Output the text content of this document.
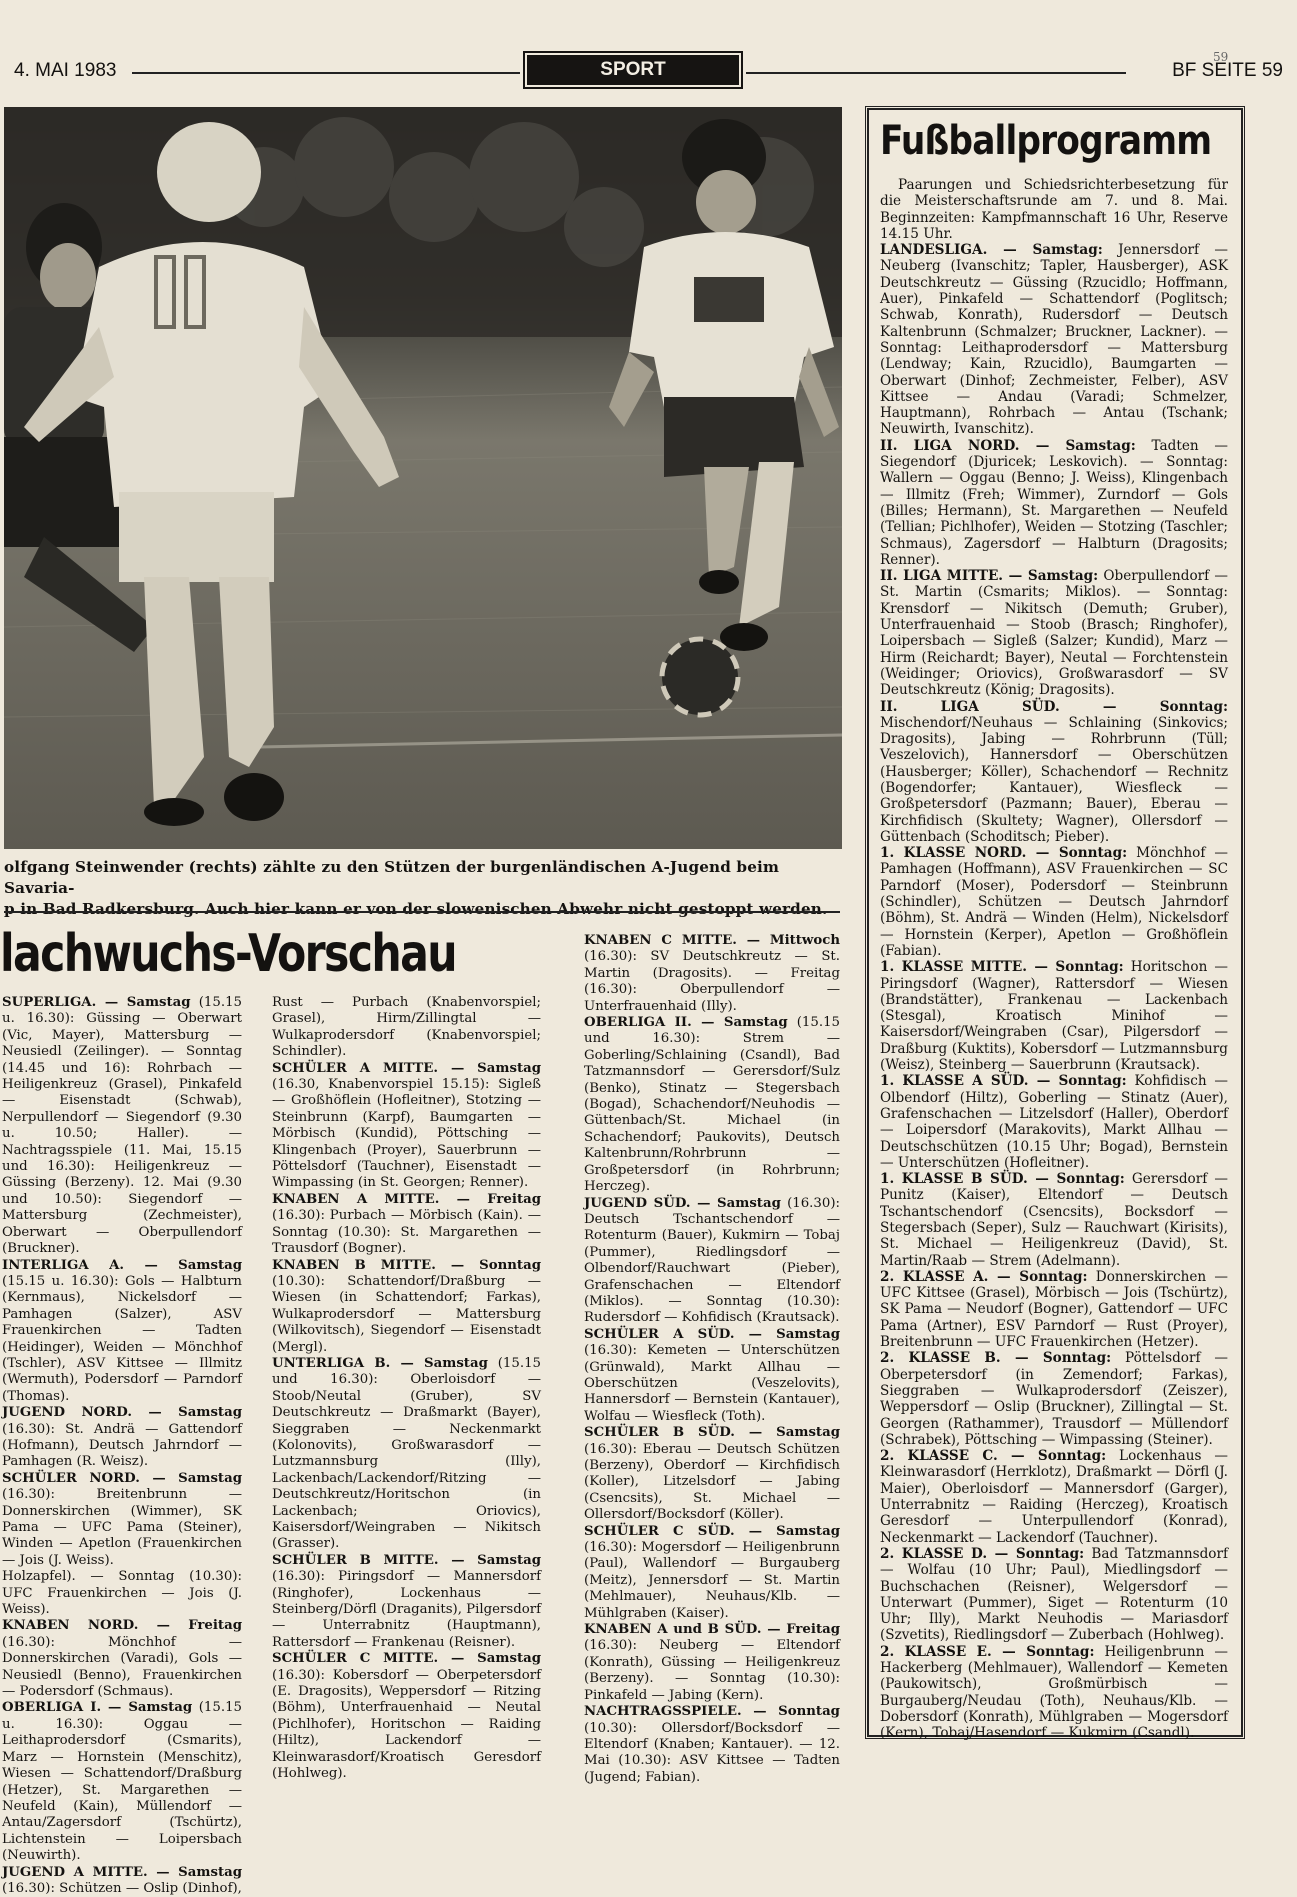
59
4. MAI 1983	SPORT	BF SEITE 59
olfgang Steinwender (rechts) zählte zu den Stützen der burgenländischen A-Jugend beim Savaria-
p in Bad Radkersburg. Auch hier kann er von der slowenischen Abwehr nicht gestoppt werden.
lachwuchs-Vorschau

SUPERLIGA. — Samstag (15.15 u. 16.30): Güssing — Oberwart (Vic, Mayer), Mattersburg — Neusiedl (Zeilinger). — Sonntag (14.45 und 16): Rohrbach — Heiligenkreuz (Grasel), Pinkafeld — Eisenstadt (Schwab), Nerpullendorf — Siegendorf (9.30 u. 10.50; Haller). — Nachtragsspiele (11. Mai, 15.15 und 16.30): Heiligenkreuz — Güssing (Berzeny). 12. Mai (9.30 und 10.50): Siegendorf — Mattersburg (Zechmeister), Oberwart — Oberpullendorf (Bruckner).

INTERLIGA A. — Samstag (15.15 u. 16.30): Gols — Halbturn (Kernmaus), Nickelsdorf — Pamhagen (Salzer), ASV Frauenkirchen — Tadten (Heidinger), Weiden — Mönchhof (Tschler), ASV Kittsee — Illmitz (Wermuth), Podersdorf — Parndorf (Thomas).

JUGEND NORD. — Samstag (16.30): St. Andrä — Gattendorf (Hofmann), Deutsch Jahrndorf — Pamhagen (R. Weisz).

SCHÜLER NORD. — Samstag (16.30): Breitenbrunn — Donnerskirchen (Wimmer), SK Pama — UFC Pama (Steiner), Winden — Apetlon (Frauenkirchen — Jois (J. Weiss).

Holzapfel). — Sonntag (10.30): UFC Frauenkirchen — Jois (J. Weiss).

KNABEN NORD. — Freitag (16.30): Mönchhof — Donnerskirchen (Varadi), Gols — Neusiedl (Benno), Frauenkirchen — Podersdorf (Schmaus).

OBERLIGA I. — Samstag (15.15 u. 16.30): Oggau — Leithaprodersdorf (Csmarits), Marz — Hornstein (Menschitz), Wiesen — Schattendorf/Draßburg (Hetzer), St. Margarethen — Neufeld (Kain), Müllendorf — Antau/Zagersdorf (Tschürtz), Lichtenstein — Loipersbach (Neuwirth).

JUGEND A MITTE. — Samstag (16.30): Schützen — Oslip (Dinhof),

Rust — Purbach (Knabenvorspiel; Grasel), Hirm/Zillingtal — Wulkaprodersdorf (Knabenvorspiel; Schindler).

SCHÜLER A MITTE. — Samstag (16.30, Knabenvorspiel 15.15): Sigleß — Großhöflein (Hofleitner), Stotzing — Steinbrunn (Karpf), Baumgarten — Mörbisch (Kundid), Pöttsching — Klingenbach (Proyer), Sauerbrunn — Pöttelsdorf (Tauchner), Eisenstadt — Wimpassing (in St. Georgen; Renner).

KNABEN A MITTE. — Freitag (16.30): Purbach — Mörbisch (Kain). — Sonntag (10.30): St. Margarethen — Trausdorf (Bogner).

KNABEN B MITTE. — Sonntag (10.30): Schattendorf/Draßburg — Wiesen (in Schattendorf; Farkas), Wulkaprodersdorf — Mattersburg (Wilkovitsch), Siegendorf — Eisenstadt (Mergl).

UNTERLIGA B. — Samstag (15.15 und 16.30): Oberloisdorf — Stoob/Neutal (Gruber), SV Deutschkreutz — Draßmarkt (Bayer), Sieggraben — Neckenmarkt (Kolonovits), Großwarasdorf — Lutzmannsburg (Illy), Lackenbach/Lackendorf/Ritzing — Deutschkreutz/Horitschon (in Lackenbach; Oriovics), Kaisersdorf/Weingraben — Nikitsch (Grasser).

SCHÜLER B MITTE. — Samstag (16.30): Piringsdorf — Mannersdorf (Ringhofer), Lockenhaus — Steinberg/Dörfl (Draganits), Pilgersdorf — Unterrabnitz (Hauptmann), Rattersdorf — Frankenau (Reisner).

SCHÜLER C MITTE. — Samstag (16.30): Kobersdorf — Oberpetersdorf (E. Dragosits), Weppersdorf — Ritzing (Böhm), Unterfrauenhaid — Neutal (Pichlhofer), Horitschon — Raiding (Hiltz), Lackendorf — Kleinwarasdorf/Kroatisch Geresdorf (Hohlweg).

KNABEN C MITTE. — Mittwoch (16.30): SV Deutschkreutz — St. Martin (Dragosits). — Freitag (16.30): Oberpullendorf — Unterfrauenhaid (Illy).

OBERLIGA II. — Samstag (15.15 und 16.30): Strem — Goberling/Schlaining (Csandl), Bad Tatzmannsdorf — Gerersdorf/Sulz (Benko), Stinatz — Stegersbach (Bogad), Schachendorf/Neuhodis — Güttenbach/St. Michael (in Schachendorf; Paukovits), Deutsch Kaltenbrunn/Rohrbrunn — Großpetersdorf (in Rohrbrunn; Herczeg).

JUGEND SÜD. — Samstag (16.30): Deutsch Tschantschendorf — Rotenturm (Bauer), Kukmirn — Tobaj (Pummer), Riedlingsdorf — Olbendorf/Rauchwart (Pieber), Grafenschachen — Eltendorf (Miklos). — Sonntag (10.30): Rudersdorf — Kohfidisch (Krautsack).

SCHÜLER A SÜD. — Samstag (16.30): Kemeten — Unterschützen (Grünwald), Markt Allhau — Oberschützen (Veszelovits), Hannersdorf — Bernstein (Kantauer), Wolfau — Wiesfleck (Toth).

SCHÜLER B SÜD. — Samstag (16.30): Eberau — Deutsch Schützen (Berzeny), Oberdorf — Kirchfidisch (Koller), Litzelsdorf — Jabing (Csencsits), St. Michael — Ollersdorf/Bocksdorf (Köller).

SCHÜLER C SÜD. — Samstag (16.30): Mogersdorf — Heiligenbrunn (Paul), Wallendorf — Burgauberg (Meitz), Jennersdorf — St. Martin (Mehlmauer), Neuhaus/Klb. — Mühlgraben (Kaiser).

KNABEN A und B SÜD. — Freitag (16.30): Neuberg — Eltendorf (Konrath), Güssing — Heiligenkreuz (Berzeny). — Sonntag (10.30): Pinkafeld — Jabing (Kern).

NACHTRAGSSPIELE. — Sonntag (10.30): Ollersdorf/Bocksdorf — Eltendorf (Knaben; Kantauer). — 12. Mai (10.30): ASV Kittsee — Tadten (Jugend; Fabian).

Fußballprogramm

Paarungen und Schiedsrichterbesetzung für die Meisterschaftsrunde am 7. und 8. Mai. Beginnzeiten: Kampfmannschaft 16 Uhr, Reserve 14.15 Uhr.

LANDESLIGA. — Samstag: Jennersdorf — Neuberg (Ivanschitz; Tapler, Hausberger), ASK Deutschkreutz — Güssing (Rzucidlo; Hoffmann, Auer), Pinkafeld — Schattendorf (Poglitsch; Schwab, Konrath), Rudersdorf — Deutsch Kaltenbrunn (Schmalzer; Bruckner, Lackner). — Sonntag: Leithaprodersdorf — Mattersburg (Lendway; Kain, Rzucidlo), Baumgarten — Oberwart (Dinhof; Zechmeister, Felber), ASV Kittsee — Andau (Varadi; Schmelzer, Hauptmann), Rohrbach — Antau (Tschank; Neuwirth, Ivanschitz).

II. LIGA NORD. — Samstag: Tadten — Siegendorf (Djuricek; Leskovich). — Sonntag: Wallern — Oggau (Benno; J. Weiss), Klingenbach — Illmitz (Freh; Wimmer), Zurndorf — Gols (Billes; Hermann), St. Margarethen — Neufeld (Tellian; Pichlhofer), Weiden — Stotzing (Taschler; Schmaus), Zagersdorf — Halbturn (Dragosits; Renner).

II. LIGA MITTE. — Samstag: Oberpullendorf — St. Martin (Csmarits; Miklos). — Sonntag: Krensdorf — Nikitsch (Demuth; Gruber), Unterfrauenhaid — Stoob (Brasch; Ringhofer), Loipersbach — Sigleß (Salzer; Kundid), Marz — Hirm (Reichardt; Bayer), Neutal — Forchtenstein (Weidinger; Oriovics), Großwarasdorf — SV Deutschkreutz (König; Dragosits).

II. LIGA SÜD. — Sonntag: Mischendorf/Neuhaus — Schlaining (Sinkovics; Dragosits), Jabing — Rohrbrunn (Tüll; Veszelovich), Hannersdorf — Oberschützen (Hausberger; Köller), Schachendorf — Rechnitz (Bogendorfer; Kantauer), Wiesfleck — Großpetersdorf (Pazmann; Bauer), Eberau — Kirchfidisch (Skultety; Wagner), Ollersdorf — Güttenbach (Schoditsch; Pieber).

1. KLASSE NORD. — Sonntag: Mönchhof — Pamhagen (Hoffmann), ASV Frauenkirchen — SC Parndorf (Moser), Podersdorf — Steinbrunn (Schindler), Schützen — Deutsch Jahrndorf (Böhm), St. Andrä — Winden (Helm), Nickelsdorf — Hornstein (Kerper), Apetlon — Großhöflein (Fabian).

1. KLASSE MITTE. — Sonntag: Horitschon — Piringsdorf (Wagner), Rattersdorf — Wiesen (Brandstätter), Frankenau — Lackenbach (Stesgal), Kroatisch Minihof — Kaisersdorf/Weingraben (Csar), Pilgersdorf — Draßburg (Kuktits), Kobersdorf — Lutzmannsburg (Weisz), Steinberg — Sauerbrunn (Krautsack).

1. KLASSE A SÜD. — Sonntag: Kohfidisch — Olbendorf (Hiltz), Goberling — Stinatz (Auer), Grafenschachen — Litzelsdorf (Haller), Oberdorf — Loipersdorf (Marakovits), Markt Allhau — Deutschschützen (10.15 Uhr; Bogad), Bernstein — Unterschützen (Hofleitner).

1. KLASSE B SÜD. — Sonntag: Gerersdorf — Punitz (Kaiser), Eltendorf — Deutsch Tschantschendorf (Csencsits), Bocksdorf — Stegersbach (Seper), Sulz — Rauchwart (Kirisits), St. Michael — Heiligenkreuz (David), St. Martin/Raab — Strem (Adelmann).

2. KLASSE A. — Sonntag: Donnerskirchen — UFC Kittsee (Grasel), Mörbisch — Jois (Tschürtz), SK Pama — Neudorf (Bogner), Gattendorf — UFC Pama (Artner), ESV Parndorf — Rust (Proyer), Breitenbrunn — UFC Frauenkirchen (Hetzer).

2. KLASSE B. — Sonntag: Pöttelsdorf — Oberpetersdorf (in Zemendorf; Farkas), Sieggraben — Wulkaprodersdorf (Zeiszer), Weppersdorf — Oslip (Bruckner), Zillingtal — St. Georgen (Rathammer), Trausdorf — Müllendorf (Schrabek), Pöttsching — Wimpassing (Steiner).

2. KLASSE C. — Sonntag: Lockenhaus — Kleinwarasdorf (Herrklotz), Draßmarkt — Dörfl (J. Maier), Oberloisdorf — Mannersdorf (Garger), Unterrabnitz — Raiding (Herczeg), Kroatisch Geresdorf — Unterpullendorf (Konrad), Neckenmarkt — Lackendorf (Tauchner).

2. KLASSE D. — Sonntag: Bad Tatzmannsdorf — Wolfau (10 Uhr; Paul), Miedlingsdorf — Buchschachen (Reisner), Welgersdorf — Unterwart (Pummer), Siget — Rotenturm (10 Uhr; Illy), Markt Neuhodis — Mariasdorf (Szvetits), Riedlingsdorf — Zuberbach (Hohlweg).

2. KLASSE E. — Sonntag: Heiligenbrunn — Hackerberg (Mehlmauer), Wallendorf — Kemeten (Paukowitsch), Großmürbisch — Burgauberg/Neudau (Toth), Neuhaus/Klb. — Dobersdorf (Konrath), Mühlgraben — Mogersdorf (Kern), Tobaj/Hasendorf — Kukmirn (Csandl).
